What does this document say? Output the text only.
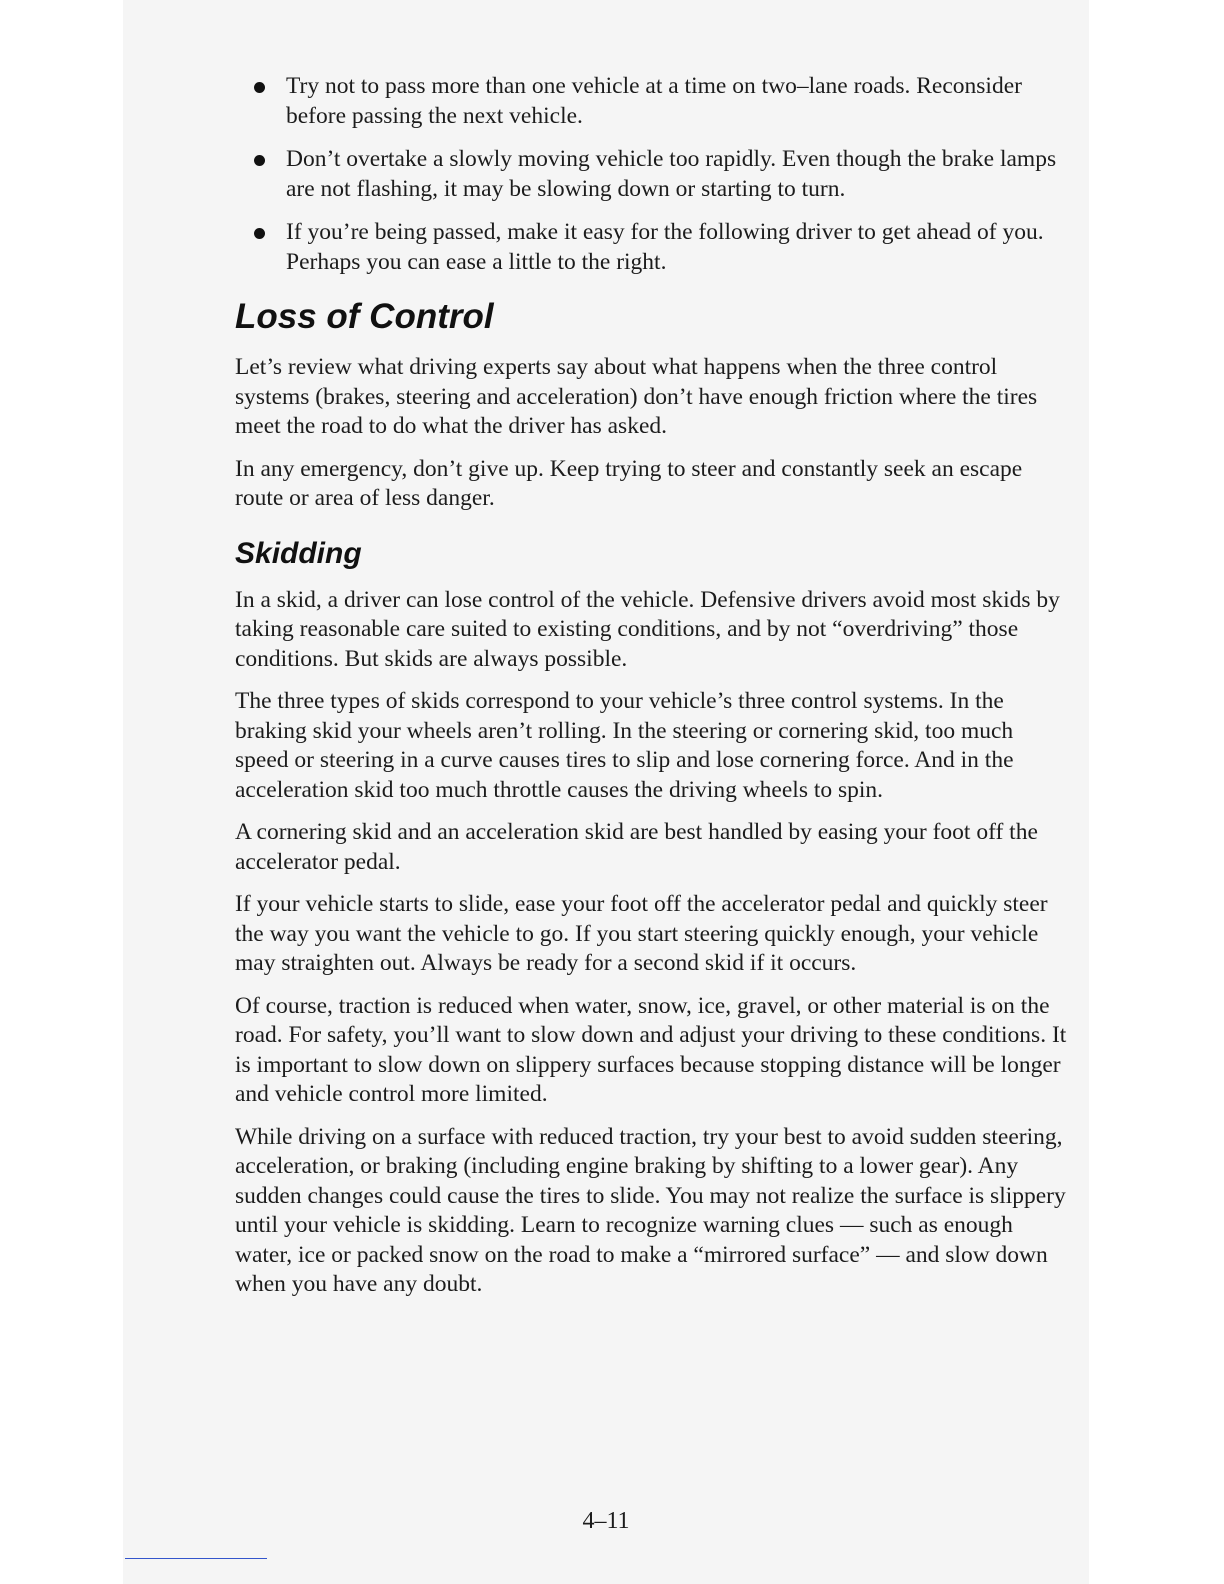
Try not to pass more than one vehicle at a time on two–lane roads. Reconsider before passing the next vehicle.
Don’t overtake a slowly moving vehicle too rapidly. Even though the brake lamps are not flashing, it may be slowing down or starting to turn.
If you’re being passed, make it easy for the following driver to get ahead of you. Perhaps you can ease a little to the right.
Loss of Control

Let’s review what driving experts say about what happens when the three control systems (brakes, steering and acceleration) don’t have enough friction where the tires meet the road to do what the driver has asked.

In any emergency, don’t give up. Keep trying to steer and constantly seek an escape route or area of less danger.

Skidding

In a skid, a driver can lose control of the vehicle. Defensive drivers avoid most skids by taking reasonable care suited to existing conditions, and by not “overdriving” those conditions. But skids are always possible.

The three types of skids correspond to your vehicle’s three control systems. In the braking skid your wheels aren’t rolling. In the steering or cornering skid, too much speed or steering in a curve causes tires to slip and lose cornering force. And in the acceleration skid too much throttle causes the driving wheels to spin.

A cornering skid and an acceleration skid are best handled by easing your foot off the accelerator pedal.

If your vehicle starts to slide, ease your foot off the accelerator pedal and quickly steer the way you want the vehicle to go. If you start steering quickly enough, your vehicle may straighten out. Always be ready for a second skid if it occurs.

Of course, traction is reduced when water, snow, ice, gravel, or other material is on the road. For safety, you’ll want to slow down and adjust your driving to these conditions. It is important to slow down on slippery surfaces because stopping distance will be longer and vehicle control more limited.

While driving on a surface with reduced traction, try your best to avoid sudden steering, acceleration, or braking (including engine braking by shifting to a lower gear). Any sudden changes could cause the tires to slide. You may not realize the surface is slippery until your vehicle is skidding. Learn to recognize warning clues — such as enough water, ice or packed snow on the road to make a “mirrored surface” — and slow down when you have any doubt.

4–11
